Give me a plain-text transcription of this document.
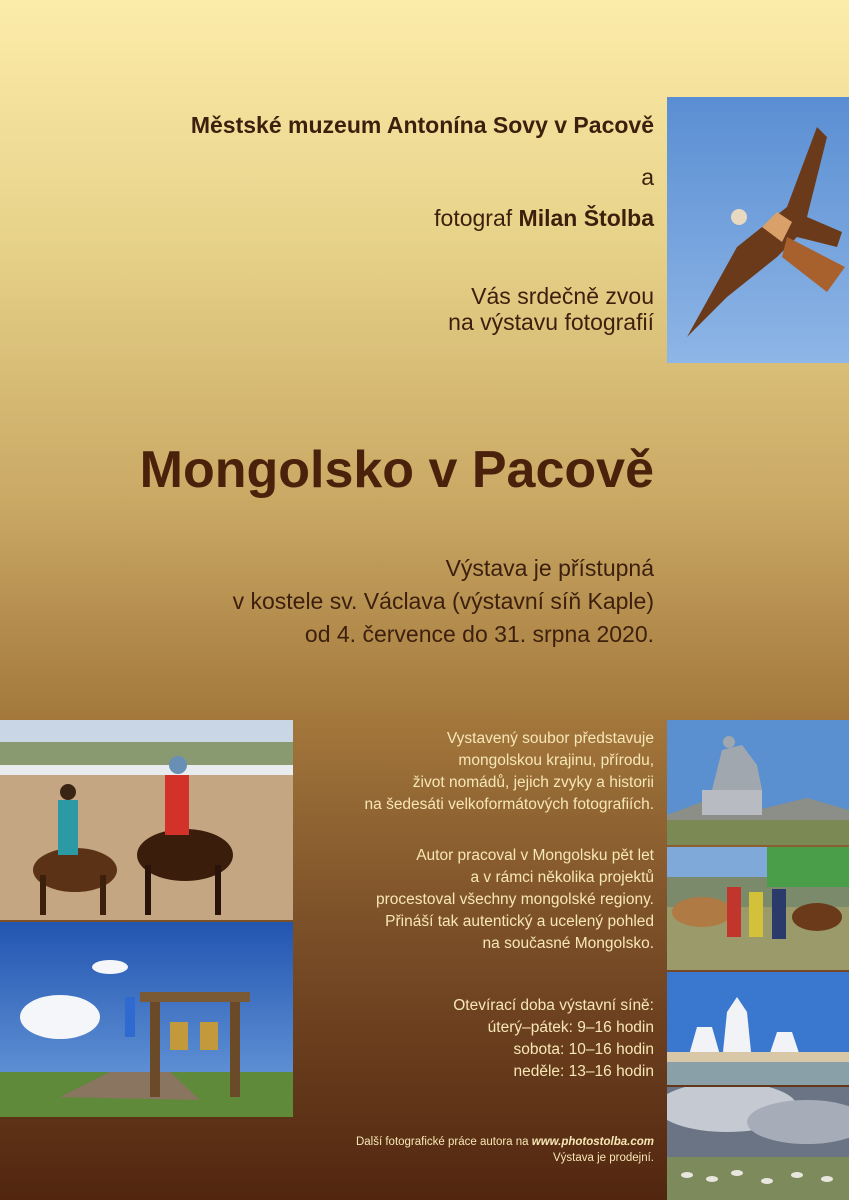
Městské muzeum Antonína Sovy v Pacově
a
fotograf Milan Štolba
Vás srdečně zvou
na výstavu fotografií
Mongolsko v Pacově
Výstava je přístupná
v kostele sv. Václava (výstavní síň Kaple)
od 4. července do 31. srpna 2020.
Vystavený soubor představuje
mongolskou krajinu, přírodu,
život nomádů, jejich zvyky a historii
na šedesáti velkoformátových fotografiích.
Autor pracoval v Mongolsku pět let
a v rámci několika projektů
procestoval všechny mongolské regiony.
Přináší tak autentický a ucelený pohled
na současné Mongolsko.
Otevírací doba výstavní síně:
úterý–pátek: 9–16 hodin
sobota: 10–16 hodin
neděle: 13–16 hodin
Další fotografické práce autora na www.photostolba.com
Výstava je prodejní.
